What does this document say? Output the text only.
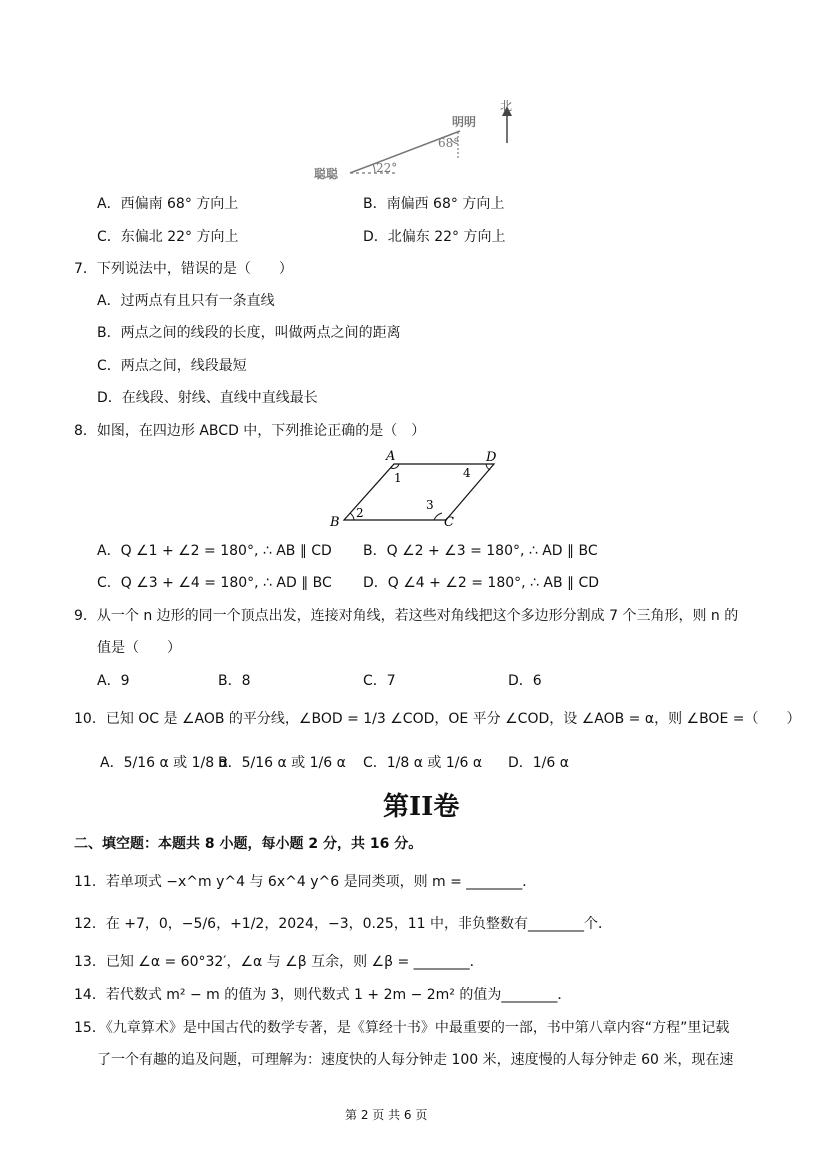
北
明明
聪聪
68°
22°
A．西偏南 68° 方向上	B．南偏西 68° 方向上
C．东偏北 22° 方向上	D．北偏东 22° 方向上
7．下列说法中，错误的是（　　）
A．过两点有且只有一条直线
B．两点之间的线段的长度，叫做两点之间的距离
C．两点之间，线段最短
D．在线段、射线、直线中直线最长
8．如图，在四边形 ABCD 中，下列推论正确的是（　）
A	D
B	C
1
2
3
4
A．Q ∠1 + ∠2 = 180°, ∴ AB ∥ CD B．Q ∠2 + ∠3 = 180°, ∴ AD ∥ BC
C．Q ∠3 + ∠4 = 180°, ∴ AD ∥ BC D．Q ∠4 + ∠2 = 180°, ∴ AB ∥ CD
9．从一个 n 边形的同一个顶点出发，连接对角线，若这些对角线把这个多边形分割成 7 个三角形，则 n 的
值是（　　）
A．9	B．8	C．7	D．6
10．已知 OC 是 ∠AOB 的平分线，∠BOD = 1/3 ∠COD，OE 平分 ∠COD，设 ∠AOB = α，则 ∠BOE =（　　）
A．5/16 α 或 1/8 α
B．5/16 α 或 1/6 α C．1/8 α 或 1/6 α D．1/6 α
第II卷
二、填空题：本题共 8 小题，每小题 2 分，共 16 分。
11．若单项式 −x^m y^4 与 6x^4 y^6 是同类项，则 m = ________．
12．在 +7，0，−5/6，+1/2，2024，−3，0.25，11 中，非负整数有________个．
13．已知 ∠α = 60°32′，∠α 与 ∠β 互余，则 ∠β = ________．
14．若代数式 m² − m 的值为 3，则代数式 1 + 2m − 2m² 的值为________．
15．《九章算术》是中国古代的数学专著，是《算经十书》中最重要的一部，书中第八章内容“方程”里记载
了一个有趣的追及问题，可理解为：速度快的人每分钟走 100 米，速度慢的人每分钟走 60 米，现在速
第 2 页 共 6 页
